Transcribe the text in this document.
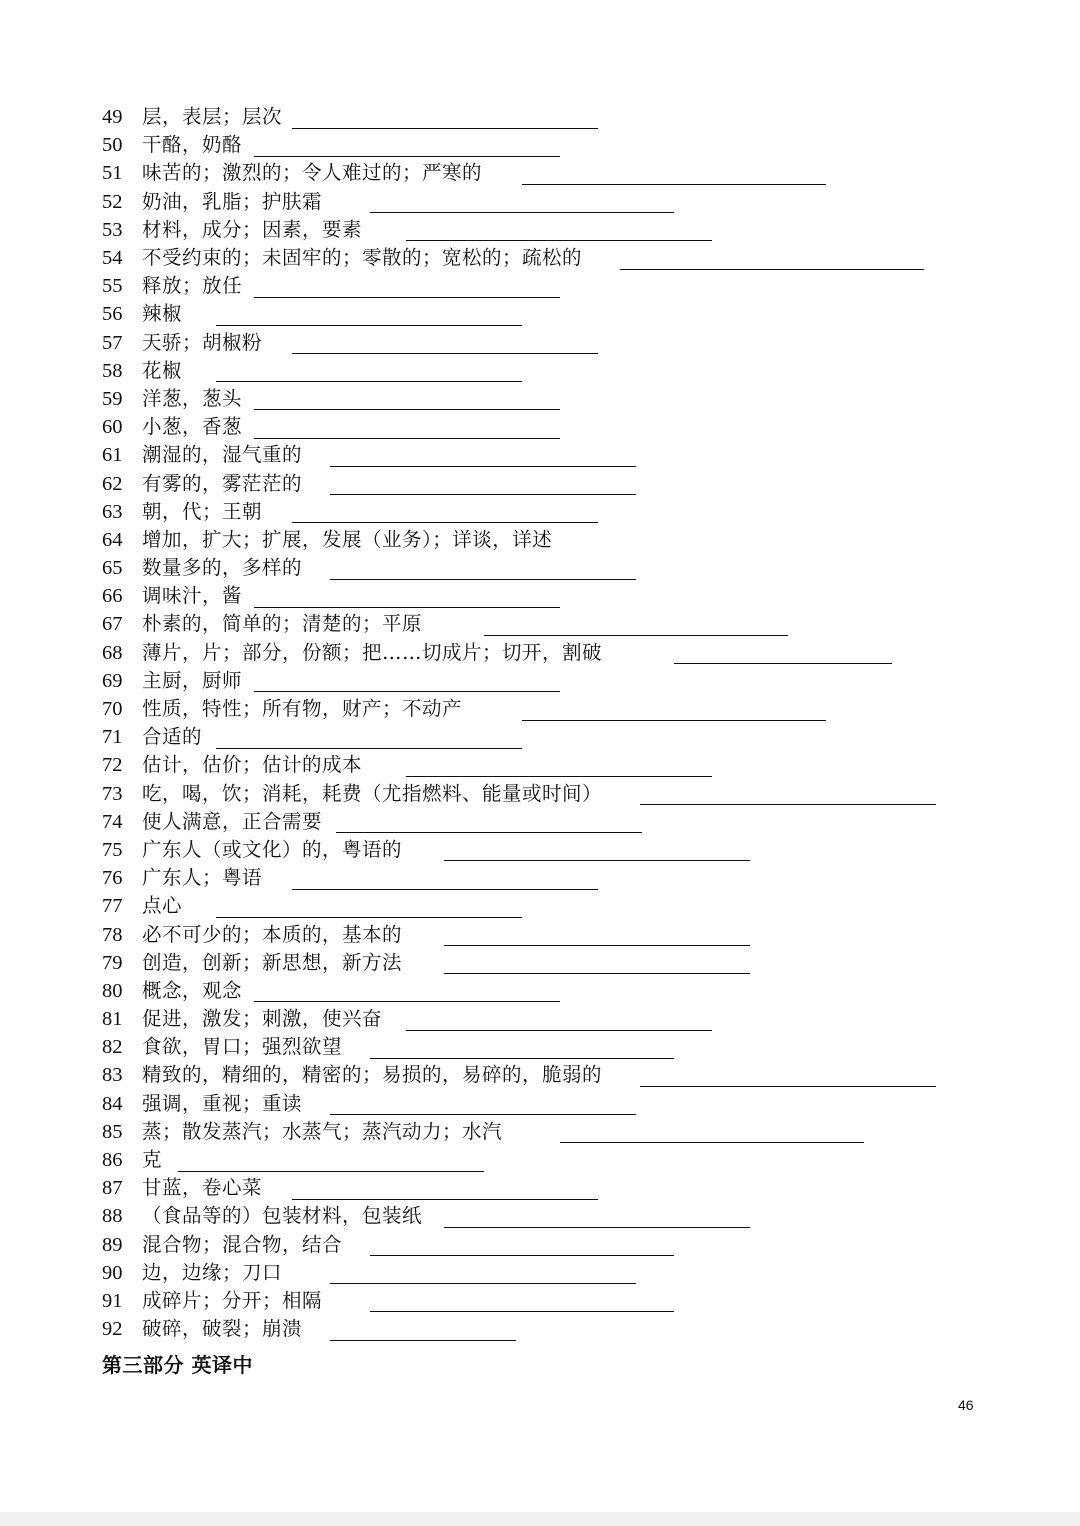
49	层，表层；层次
50	干酪，奶酪
51	味苦的；激烈的；令人难过的；严寒的
52	奶油，乳脂；护肤霜
53	材料，成分；因素，要素
54	不受约束的；未固牢的；零散的；宽松的；疏松的
55	释放；放任
56	辣椒
57	天骄；胡椒粉
58	花椒
59	洋葱，葱头
60	小葱，香葱
61	潮湿的，湿气重的
62	有雾的，雾茫茫的
63	朝，代；王朝
64	增加，扩大；扩展，发展（业务）；详谈，详述
65	数量多的，多样的
66	调味汁，酱
67	朴素的，简单的；清楚的；平原
68	薄片，片；部分，份额；把……切成片；切开，割破
69	主厨，厨师
70	性质，特性；所有物，财产；不动产
71	合适的
72	估计，估价；估计的成本
73	吃，喝，饮；消耗，耗费（尤指燃料、能量或时间）
74	使人满意，正合需要
75	广东人（或文化）的，粤语的
76	广东人；粤语
77	点心
78	必不可少的；本质的，基本的
79	创造，创新；新思想，新方法
80	概念，观念
81	促进，激发；刺激，使兴奋
82	食欲，胃口；强烈欲望
83	精致的，精细的，精密的；易损的，易碎的，脆弱的
84	强调，重视；重读
85	蒸；散发蒸汽；水蒸气；蒸汽动力；水汽
86	克
87	甘蓝，卷心菜
88	（食品等的）包装材料，包装纸
89	混合物；混合物，结合
90	边，边缘；刀口
91	成碎片；分开；相隔
92	破碎，破裂；崩溃
第三部分 英译中
46
